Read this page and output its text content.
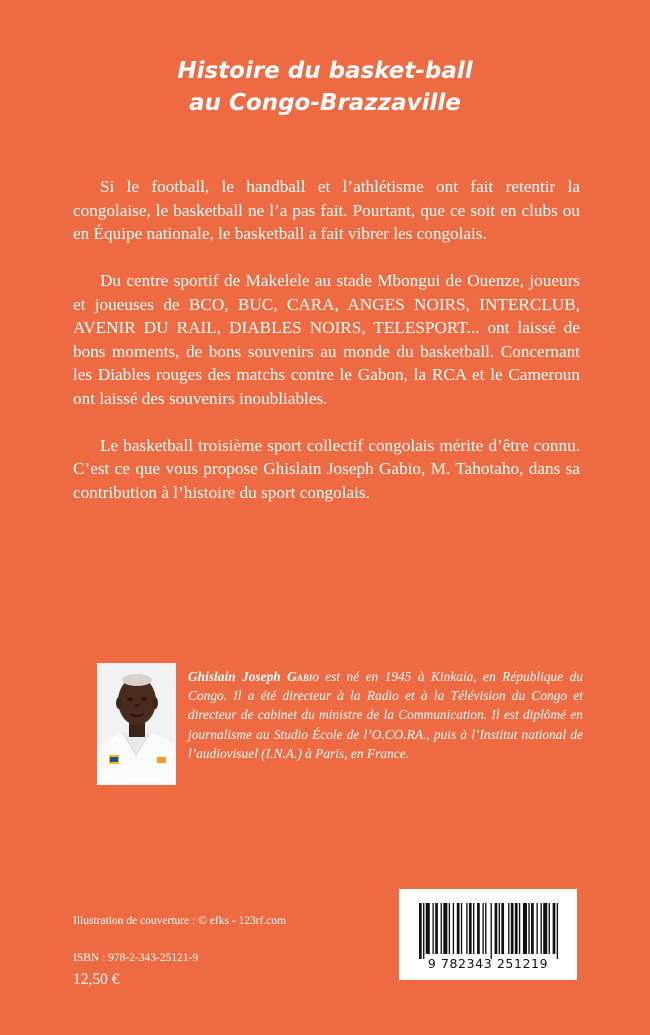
Histoire du basket-ball
au Congo-Brazzaville

Si le football, le handball et l’athlétisme ont fait retentir la congolaise, le basketball ne l’a pas fait. Pourtant, que ce soit en clubs ou en Équipe nationale, le basketball a fait vibrer les congolais.

Du centre sportif de Makelele au stade Mbongui de Ouenze, joueurs et joueuses de BCO, BUC, CARA, ANGES NOIRS, INTERCLUB, AVENIR DU RAIL, DIABLES NOIRS, TELESPORT... ont laissé de bons moments, de bons souvenirs au monde du basketball. Concernant les Diables rouges des matchs contre le Gabon, la RCA et le Cameroun ont laissé des souvenirs inoubliables.

Le basketball troisième sport collectif congolais mérite d’être connu. C’est ce que vous propose Ghislain Joseph Gabio, M. Tahotaho, dans sa contribution à l’histoire du sport congolais.

Ghislain Joseph Gabio est né en 1945 à Kinkala, en République du Congo. Il a été directeur à la Radio et à la Télévision du Congo et directeur de cabinet du ministre de la Communication. Il est diplômé en journalisme au Studio École de l’O.CO.RA., puis à l’Institut national de l’audiovisuel (I.N.A.) à Paris, en France.

Illustration de couverture : © efks - 123rf.com
ISBN : 978-2-343-25121-9
12,50 €
9 782343 251219
